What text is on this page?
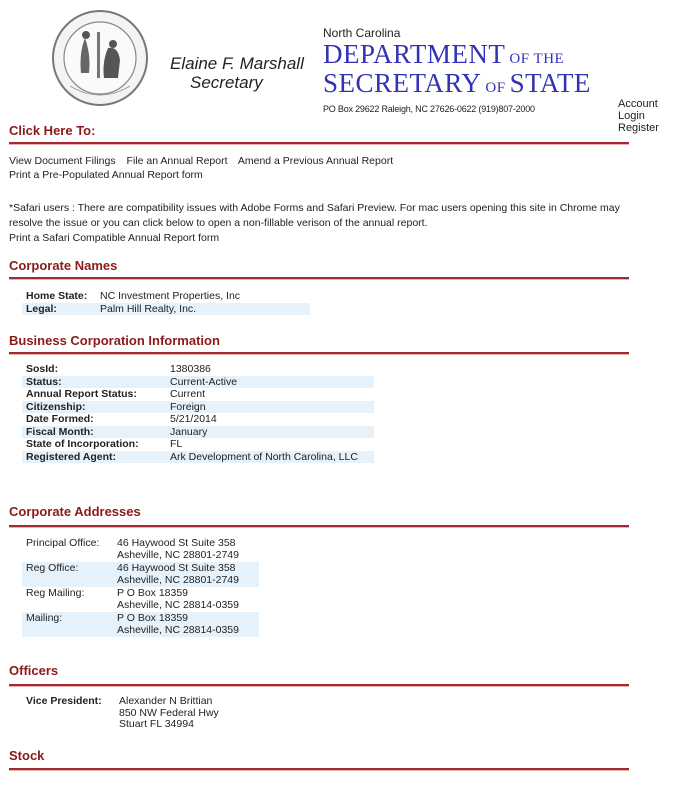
Elaine F. Marshall
Secretary
North Carolina
DEPARTMENT OF THE
SECRETARY OF STATE
PO Box 29622 Raleigh, NC 27626-0622 (919)807-2000	Account
Login
Register
Click Here To:
View Document Filings File an Annual Report Amend a Previous Annual Report
Print a Pre-Populated Annual Report form
*Safari users : There are compatibility issues with Adobe Forms and Safari Preview. For mac users opening this site in Chrome may resolve the issue or you can click below to open a non-fillable verison of the annual report.
Print a Safari Compatible Annual Report form
Corporate Names
Home State:	NC Investment Properties, Inc
Legal:	Palm Hill Realty, Inc.
Business Corporation Information
SosId:	1380386
Status:	Current-Active
Annual Report Status:	Current
Citizenship:	Foreign
Date Formed:	5/21/2014
Fiscal Month:	January
State of Incorporation:	FL
Registered Agent:	Ark Development of North Carolina, LLC
Corporate Addresses
Principal Office:	46 Haywood St Suite 358
Asheville, NC 28801-2749

Reg Office:	46 Haywood St Suite 358
Asheville, NC 28801-2749

Reg Mailing:	P O Box 18359
Asheville, NC 28814-0359

Mailing:	P O Box 18359
Asheville, NC 28814-0359
Officers
Vice President:	Alexander N Brittian
850 NW Federal Hwy
Stuart FL 34994
Stock
